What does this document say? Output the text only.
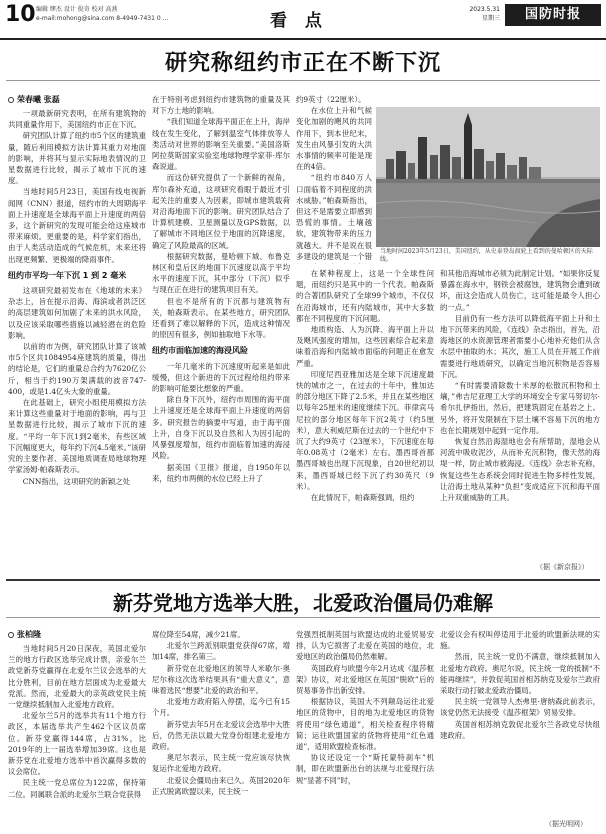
10 编辑 缪杰 设计 倪奇 校对 高燕
e-mail:mohong@sina.com 8-4949-7431 0 ...	看 点
2023.5.31
星期三	国防时报
研究称纽约市正在不断下沉
荣春曦 张磊

一项最新研究表明，在所有建筑物的共同重量作用下，美国纽约市正在下沉。

研究团队计算了纽约市5个区的建筑重量，随后利用模拟方法计算其重力对地面的影响，并将其与显示实际地表情况的卫星数据进行比较，揭示了城市下沉的速度。

当地时间5月23日，美国有线电视新闻网（CNN）报道，纽约市的大周期海平面上升速度是全球海平面上升速度的两倍多，这个新研究的发现可能会给这座城市带来麻烦。更重要的是，科学家们指出，由于人类活动造成的气候危机，未来还将出现更频繁、更极端的降雨事件。

纽约市平均一年下沉 1 到 2 毫米

这项研究最初发布在《地球的未来》杂志上，旨在提示沿海、海滨或者洪泛区的高层建筑如何加剧了未来的洪水风险，以及应该采取哪些措施以减轻潜在的危险影响。

以前的市为例，研究团队计算了该城市5个区共1084954座建筑的质量，得出的结论是，它们的重量总合约为7620亿公斤，相当于约190万架满载的波音747-400，或是1.4亿头大象的重量。

在此基础上，研究小组使用模拟方法来计算这些重量对于地面的影响，再与卫星数据进行比较，揭示了城市下沉的速度。“平均一年下沉1到2毫米，有些区域下沉幅度更大，每年约下沉4.5毫米。”该研究的主要作者、美国地质调查局地球物理学家汤姆·帕森斯表示。

CNN指出，这项研究的新颖之处

在于特别考虑到纽约市建筑物的重量及其对下方土地的影响。

“我们知道全球海平面正在上升，海岸线在发生变化，了解到温室气体排放等人类活动对世界的影响至关重要。”美国洛斯阿拉莫斯国家实验室地球物理学家菲·库尔森说道。

而这份研究提供了一个新鲜的视角，库尔森补充道，这项研究看眼于最近才引起关注的重要人为因素，即城市建筑载荷对沿海地面下沉的影响。研究团队结合了计算机建模、卫星测量以及GPS数据，以了解城市不同地区位于地面的沉降速度，确定了风险最高的区域。

根据研究数据，曼哈顿下城、布鲁克林区和皇后区的地面下沉速度以高于平均水平的速度下沉，其中部分（下沉）似乎与现在正在进行的建筑项目有关。

但也不是所有的下沉都与建筑物有关，帕森斯表示。在某些地方，研究团队还看到了难以解释的下沉，造成这种情况的原因有很多，例如抽取地下水等。

纽约市面临加速的海浸风险

一年几毫米的下沉速度听起来是如此缓慢，但这个新进的下沉过程给纽约带来的影响可能要比想象的严重。

除自身下沉外，纽约市周围的海平面上升速度还是全球海平面上升速度的两倍多。研究报告的摘要中写道，由于海平面上升，自身下沉以及自然和人为因引起的风暴强度增加，纽约市面临着加速的海浸风险。

据美国《卫报》报道，自1950年以来，纽约市两侧的水位已经上升了

约9英寸（22厘米）。

在水位上升和气候变化加剧的飓风的共同作用下，到本世纪末，发生由风暴引发的大洪水事情的频率可能是现在的4倍。

“纽约市840万人口面临着不同程度的洪水威胁。”帕森斯指出，但这不是需要立即感到恐慌的事情。土壤越软，建筑物带来的压力就越大。并不是说在很多建设的建筑是一个错

当地时间2023年5月23日，美国纽约，从史泰登岛渡轮上看到的曼哈顿区的天际线。

在紧种程度上，这是一个全球性问题，而纽约只是其中的一个代表。帕森斯的合著团队研究了全球99个城市，不仅仅在沿海城市，还有内陆城市，其中大多数都在不同程度的下沉问题。

地质构造、人为沉降、海平面上升以及飓风强度的增加，这些因素综合起来意味着沿海和内陆城市面临的问题正在愈发严重。

印度尼西亚雅加达是全球下沉速度最快的城市之一，在过去的十年中，雅加达的部分地区下降了2.5米，并且在某些地区以每年25厘米的速度继续下沉。菲律宾马尼拉的部分地区每年下沉2英寸（约5厘米），意大利威尼斯在过去的一个世纪中下沉了大约9英寸（23厘米），下沉速度在每年0.08英寸（2毫米）左右。墨西哥首都墨西哥城也出现下沉现象，自20世纪初以来，墨西哥城已经下沉了约30英尺（9米）。

在此情况下，帕森斯强调，纽约

和其他沿海城市必须为此制定计划。“如果你反复暴露在海水中，钢铁会被腐蚀，建筑物会遭到破坏，而这会造成人员伤亡，这可能是最令人担心的一点。”

目前仍有一些方法可以降低海平面上升和土地下沉带来的风险，《连线》杂志指出，首先，沿海地区的水资源管理者需要小心地补充他们从含水层中抽取的水；其次，施工人员在开展工作前需要进行地质研究，以确定当地沉积物是否容易下沉。

“有时需要清除数十米厚的松散沉积物和土壤，”弗吉尼亚理工大学的环境安全专家马努切尔·希尔扎伊指出，然后，把建筑固定在基岩之上。另外，将开发限制在下层土壤不容易下沉的地方也在长期规划中起到一定作用。

恢复自然沿海湿地也会有所帮助，湿地会从河流中吸收泥沙，从而补充沉积物，像天然的海堤一样，防止城市被海浸。《连线》杂志补充称，恢复这些生态系统会同时促进生物多样性发展，让沿海土地从某种“负担”变成适应下沉和海平面上升双重威胁的工具。

（据《新京报》）
新芬党地方选举大胜，北爱政治僵局仍难解
张柏隆

当地时间5月20日深夜，英国北爱尔兰的地方行政区选举完成计票，亲爱尔兰政党新芬党赢得在北爱尔兰议会选举的大比分胜利，目前在地方层面成为北爱最大党派。然而，北爱最大的亲英政党民主统一党继续抵制加入北爱地方政府。

北爱尔兰5月的选举共有11个地方行政区，本届选举共产生462个区议员席位。新芬党赢得144席，占31%，比2019年的上一届选举增加39席。这也是新芬党在北爱地方选举中首次赢得多数的议会席位。

民主统一党总席位为122席，保持第二位。同属联合派的北爱尔兰联合党获得

席位降至54席，减少21席。

北爱尔兰跨派别联盟党获得67席，增加14席，排名第三。

新芬党在北爱地区的领导人米歇尔·奥尼尔称这次选举结果具有“重大意义”，意味着选民“想要”北爱的政治和平。

北爱地方政府陷入停摆，迄今已有15个月。

新芬党去年5月在北爱议会选举中大胜后，仍然无法以最大党身份组建北爱地方政府。

奥尼尔表示，民主统一党应该尽快恢复运作北爱地方政府。

北爱议会僵局由来已久。英国2020年正式脱离欧盟以来，民主统一

党强烈抵制英国与欧盟达成的北爱贸易安排，认为它损害了北爱在英国的地位，北爱地区的政治僵局仍然难解。

英国政府与欧盟今年2月达成《温莎框架》协议，对北爱地区在英国“脱欧”后的贸易事务作出新安排。

根据协议，英国大不列颠岛运往北爱地区的货物中，目的地为北爱地区的货物将使用“绿色通道”，相关检查程序将精简；运往欧盟国家的货物将使用“红色通道”，适用欧盟检查标准。

协议还设定一个“斯托蒙特刹车”机制，即在欧盟新出台的法规与北爱现行法规“显著不同”时，

北爱议会有权叫停适用于北爱的欧盟新法规的实施。

然而，民主统一党仍不满意，继续抵制加入北爱地方政府。奥尼尔说，民主统一党的抵制“不能再继续”，并敦促英国首相苏纳克及爱尔兰政府采取行动打破北爱政治僵局。

民主统一党领导人杰弗里·唐纳森此前表示，该党仍然无法接受《温莎框架》贸易安排。

英国首相苏纳克敦促北爱尔兰各政党尽快组建政府。

（据光明网）
